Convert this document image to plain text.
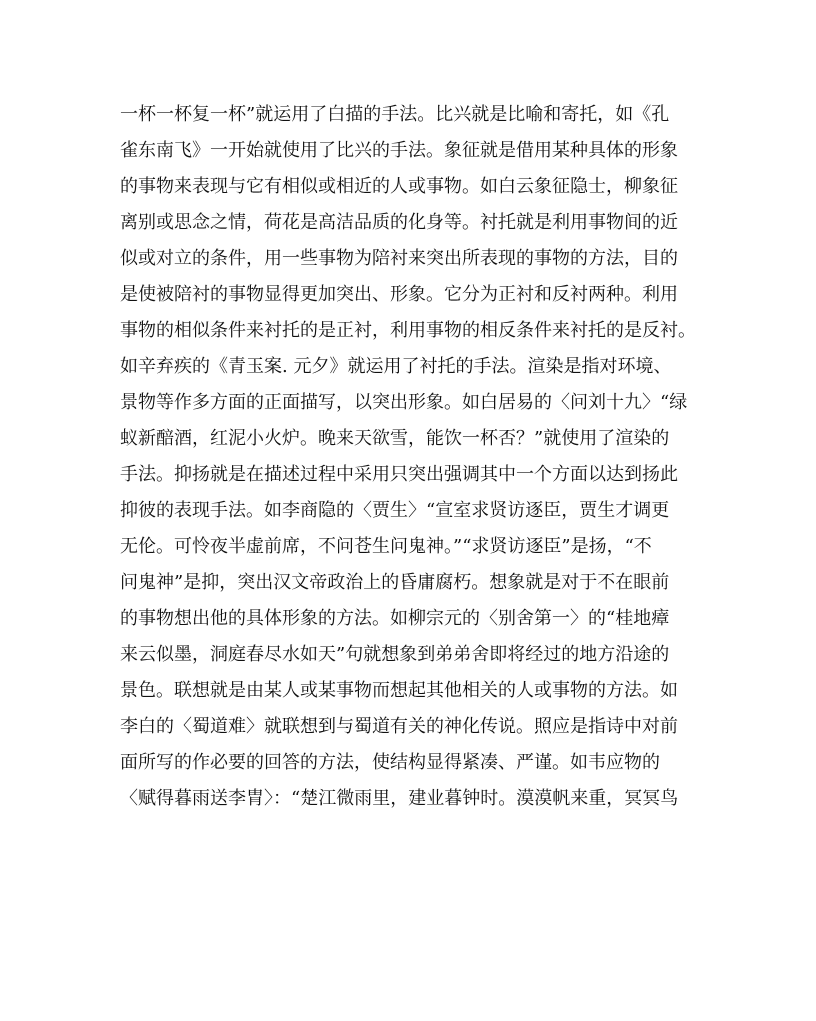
一杯一杯复一杯”就运用了白描的手法。比兴就是比喻和寄托，如《孔
雀东南飞》一开始就使用了比兴的手法。象征就是借用某种具体的形象
的事物来表现与它有相似或相近的人或事物。如白云象征隐士，柳象征
离别或思念之情，荷花是高洁品质的化身等。衬托就是利用事物间的近
似或对立的条件，用一些事物为陪衬来突出所表现的事物的方法，目的
是使被陪衬的事物显得更加突出、形象。它分为正衬和反衬两种。利用
事物的相似条件来衬托的是正衬，利用事物的相反条件来衬托的是反衬。
如辛弃疾的《青玉案. 元夕》就运用了衬托的手法。渲染是指对环境、
景物等作多方面的正面描写，以突出形象。如白居易的〈问刘十九〉“绿
蚁新醅酒，红泥小火炉。晚来天欲雪，能饮一杯否？”就使用了渲染的
手法。抑扬就是在描述过程中采用只突出强调其中一个方面以达到扬此
抑彼的表现手法。如李商隐的〈贾生〉“宣室求贤访逐臣，贾生才调更
无伦。可怜夜半虚前席，不问苍生问鬼神。”“求贤访逐臣”是扬，“不
问鬼神”是抑，突出汉文帝政治上的昏庸腐朽。想象就是对于不在眼前
的事物想出他的具体形象的方法。如柳宗元的〈别舍第一〉的“桂地瘴
来云似墨，洞庭春尽水如天”句就想象到弟弟舍即将经过的地方沿途的
景色。联想就是由某人或某事物而想起其他相关的人或事物的方法。如
李白的〈蜀道难〉就联想到与蜀道有关的神化传说。照应是指诗中对前
面所写的作必要的回答的方法，使结构显得紧凑、严谨。如韦应物的
〈赋得暮雨送李胄〉：“楚江微雨里，建业暮钟时。漠漠帆来重，冥冥鸟
